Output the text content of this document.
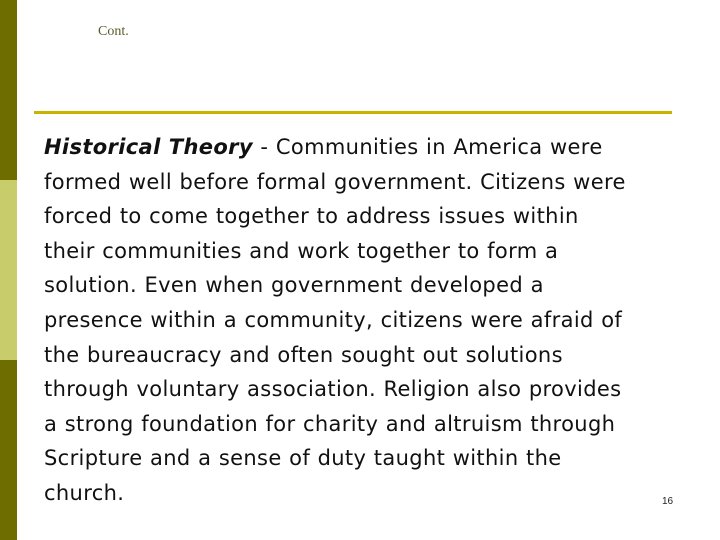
Cont.

Historical Theory - Communities in America were
formed well before formal government. Citizens were
forced to come together to address issues within
their communities and work together to form a
solution. Even when government developed a
presence within a community, citizens were afraid of
the bureaucracy and often sought out solutions
through voluntary association. Religion also provides
a strong foundation for charity and altruism through
Scripture and a sense of duty taught within the
church.	16
